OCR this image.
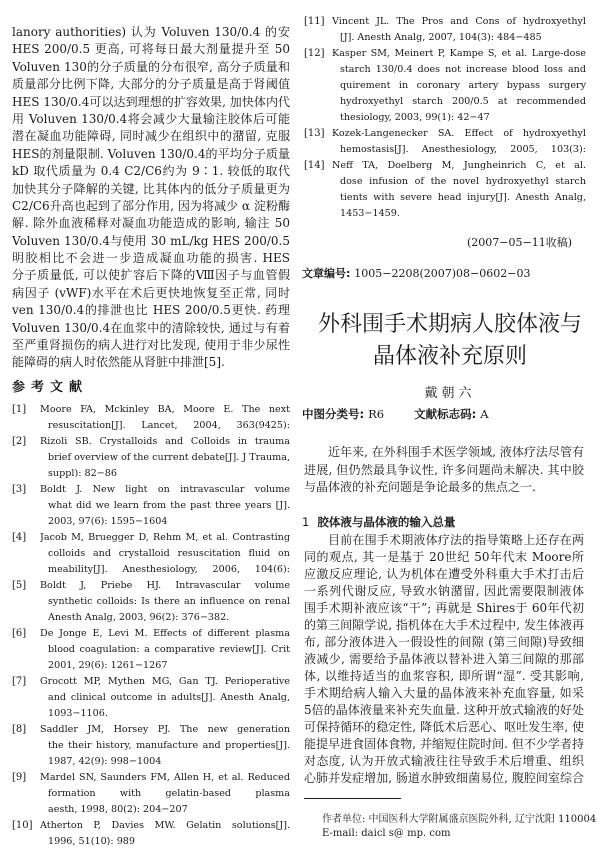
lanory authorities) 认为 Voluven 130/0.4 的安
HES 200/0.5 更高, 可将每日最大剂量提升至 50
Voluven 130的分子质量的分布很窄, 高分子质量和
质量部分比例下降, 大部分的分子质量是高于肾阈值
HES 130/0.4可以达到理想的扩容效果, 加快体内代
用 Voluven 130/0.4将会减少大量输注胶体后可能
潜在凝血功能障碍, 同时减少在组织中的潴留, 克服
HES的剂量限制. Voluven 130/0.4的平均分子质量
kD 取代质量为 0.4 C2/C6约为 9∶1. 较低的取代
加快其分子降解的关键, 比其体内的低分子质量更为
C2/C6升高也起到了部分作用, 因为将减少 α 淀粉酶
解. 除外血液稀释对凝血功能造成的影响, 输注 50
Voluven 130/0.4与使用 30 mL/kg HES 200/0.5
明胶相比不会进一步造成凝血功能的损害. HES
分子质量低, 可以使扩容后下降的Ⅷ因子与血管假
病因子 (vWF)水平在术后更快地恢复至正常, 同时
ven 130/0.4的排泄也比 HES 200/0.5更快. 药理
Voluven 130/0.4在血浆中的清除较快, 通过与有着
至严重肾损伤的病人进行对比发现, 使用于非少尿性
能障碍的病人时依然能从肾脏中排泄[5].
参考文献
[1] Moore FA, Mckinley BA, Moore E. The next
resuscitation[J]. Lancet, 2004, 363(9425):
[2] Rizoli SB. Crystalloids and Colloids in trauma
brief overview of the current debate[J]. J Trauma,
suppl): 82−86
[3] Boldt J. New light on intravascular volume
what did we learn from the past three years [J].
2003, 97(6): 1595−1604
[4] Jacob M, Bruegger D, Rehm M, et al. Contrasting
colloids and crystalloid resuscitation fluid on
meability[J]. Anesthesiology, 2006, 104(6):
[5] Boldt J, Priebe HJ. Intravascular volume
synthetic colloids: Is there an influence on renal
Anesth Analg, 2003, 96(2): 376−382.
[6] De Jonge E, Levi M. Effects of different plasma
blood coagulation: a comparative review[J]. Crit
2001, 29(6): 1261−1267
[7] Grocott MP, Mythen MG, Gan TJ. Perioperative
and clinical outcome in adults[J]. Anesth Analg,
1093−1106.
[8] Saddler JM, Horsey PJ. The new generation
the their history, manufacture and properties[J].
1987, 42(9): 998−1004
[9] Mardel SN, Saunders FM, Allen H, et al. Reduced
formation with gelatin-based plasma
aesth, 1998, 80(2): 204−207
[10] Atherton P, Davies MW. Gelatin solutions[J].
1996, 51(10): 989
[11] Vincent JL. The Pros and Cons of hydroxyethyl
[J]. Anesth Analg, 2007, 104(3): 484−485
[12] Kasper SM, Meinert P, Kampe S, et al. Large-dose
starch 130/0.4 does not increase blood loss and
quirement in coronary artery bypass surgery
hydroxyethyl starch 200/0.5 at recommended
thesiology, 2003, 99(1): 42−47
[13] Kozek-Langenecker SA. Effect of hydroxyethyl
hemostasis[J]. Anesthesiology, 2005, 103(3):
[14] Neff TA, Doelberg M, Jungheinrich C, et al.
dose infusion of the novel hydroxyethyl starch
tients with severe head injury[J]. Anesth Analg,
1453−1459.
(2007−05−11收稿)
文章编号: 1005−2208(2007)08−0602−03
外科围手术期病人胶体液与
晶体液补充原则
戴朝六
中图分类号: R6	文献标志码: A
近年来, 在外科围手术医学领域, 液体疗法尽管有
进展, 但仍然最具争议性, 许多问题尚未解决. 其中胶
与晶体液的补充问题是争论最多的焦点之一.
1 胶体液与晶体液的输入总量
目前在围手术期液体疗法的指导策略上还存在两
同的观点, 其一是基于 20世纪 50年代末 Moore所
应激反应理论, 认为机体在遭受外科重大手术打击后
一系列代谢反应, 导致水钠潴留, 因此需要限制液体
围手术期补液应该“干”; 再就是 Shires于 60年代初
的第三间隙学说, 指机体在大手术过程中, 发生体液再
布, 部分液体进入一假设性的间隙 (第三间隙)导致细
液减少, 需要给予晶体液以替补进入第三间隙的那部
体, 以维持适当的血浆容积, 即所谓“湿”. 受其影响,
手术期给病人输入大量的晶体液来补充血容量, 如采
5倍的晶体液量来补充失血量. 这种开放式输液的好处
可保持循环的稳定性, 降低术后恶心、呕吐发生率, 使
能提早进食固体食物, 并缩短住院时间. 但不少学者持
对态度, 认为开放式输液往往导致手术后增重、组织
心肺并发症增加, 肠道水肿致细菌易位, 腹腔间室综合
作者单位: 中国医科大学附属盛京医院外科, 辽宁沈阳 110004
E-mail: daicl s@ mp. com
